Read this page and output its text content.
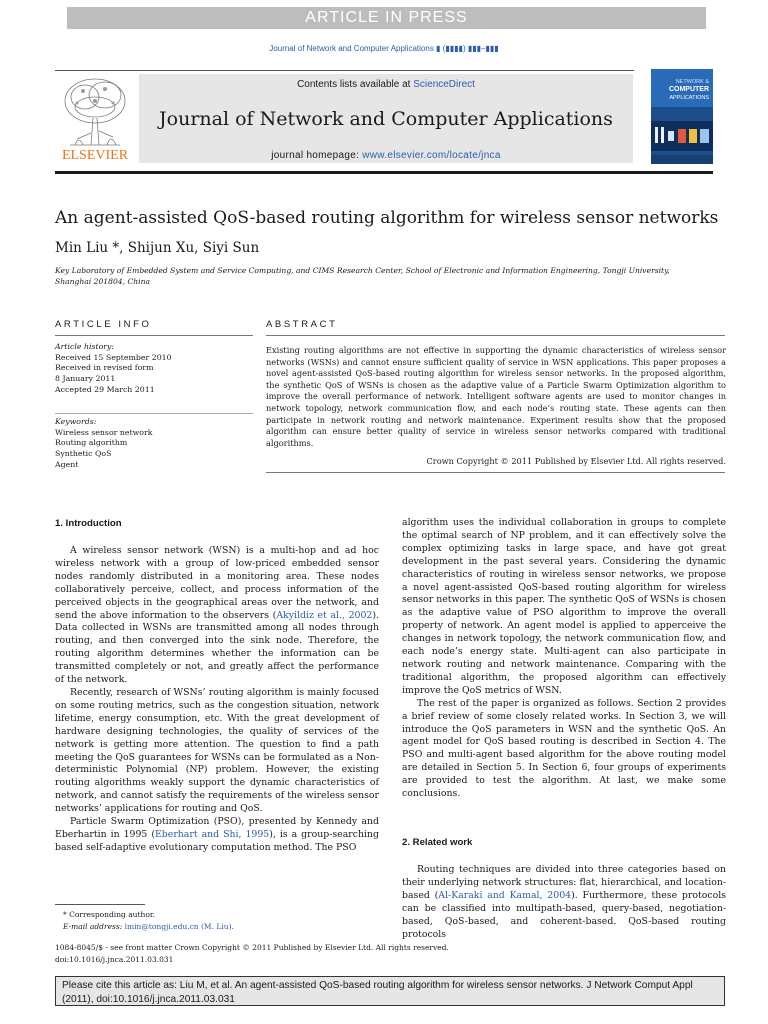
ARTICLE IN PRESS
Journal of Network and Computer Applications ▮ (▮▮▮▮) ▮▮▮–▮▮▮
ELSEVIER
Contents lists available at ScienceDirect
Journal of Network and Computer Applications
journal homepage: www.elsevier.com/locate/jnca
NETWORK &
COMPUTER
APPLICATIONS
An agent-assisted QoS-based routing algorithm for wireless sensor networks
Min Liu *, Shijun Xu, Siyi Sun
Key Laboratory of Embedded System and Service Computing, and CIMS Research Center, School of Electronic and Information Engineering, Tongji University,
Shanghai 201804, China
ARTICLE INFO	ABSTRACT
Article history:
Received 15 September 2010
Received in revised form
8 January 2011
Accepted 29 March 2011
Keywords:
Wireless sensor network
Routing algorithm
Synthetic QoS
Agent
Existing routing algorithms are not effective in supporting the dynamic characteristics of wireless sensor networks (WSNs) and cannot ensure sufficient quality of service in WSN applications. This paper proposes a novel agent-assisted QoS-based routing algorithm for wireless sensor networks. In the proposed algorithm, the synthetic QoS of WSNs is chosen as the adaptive value of a Particle Swarm Optimization algorithm to improve the overall performance of network. Intelligent software agents are used to monitor changes in network topology, network communication flow, and each node’s routing state. These agents can then participate in network routing and network maintenance. Experiment results show that the proposed algorithm can ensure better quality of service in wireless sensor networks compared with traditional algorithms.
Crown Copyright © 2011 Published by Elsevier Ltd. All rights reserved.
1. Introduction

A wireless sensor network (WSN) is a multi-hop and ad hoc wireless network with a group of low-priced embedded sensor nodes randomly distributed in a monitoring area. These nodes collaboratively perceive, collect, and process information of the perceived objects in the geographical areas over the network, and send the above information to the observers (Akyildiz et al., 2002). Data collected in WSNs are transmitted among all nodes through routing, and then converged into the sink node. Therefore, the routing algorithm determines whether the information can be transmitted completely or not, and greatly affect the performance of the network.

Recently, research of WSNs’ routing algorithm is mainly focused on some routing metrics, such as the congestion situation, network lifetime, energy consumption, etc. With the great development of hardware designing technologies, the quality of services of the network is getting more attention. The question to find a path meeting the QoS guarantees for WSNs can be formulated as a Non-deterministic Polynomial (NP) problem. However, the existing routing algorithms weakly support the dynamic characteristics of network, and cannot satisfy the requirements of the wireless sensor networks’ applications for routing and QoS.

Particle Swarm Optimization (PSO), presented by Kennedy and Eberhartin in 1995 (Eberhart and Shi, 1995), is a group-searching based self-adaptive evolutionary computation method. The PSO

algorithm uses the individual collaboration in groups to complete the optimal search of NP problem, and it can effectively solve the complex optimizing tasks in large space, and have got great development in the past several years. Considering the dynamic characteristics of routing in wireless sensor networks, we propose a novel agent-assisted QoS-based routing algorithm for wireless sensor networks in this paper. The synthetic QoS of WSNs is chosen as the adaptive value of PSO algorithm to improve the overall property of network. An agent model is applied to apperceive the changes in network topology, the network communication flow, and each node’s energy state. Multi-agent can also participate in network routing and network maintenance. Comparing with the traditional algorithm, the proposed algorithm can effectively improve the QoS metrics of WSN.

The rest of the paper is organized as follows. Section 2 provides a brief review of some closely related works. In Section 3, we will introduce the QoS parameters in WSN and the synthetic QoS. An agent model for QoS based routing is described in Section 4. The PSO and multi-agent based algorithm for the above routing model are detailed in Section 5. In Section 6, four groups of experiments are provided to test the algorithm. At last, we make some conclusions.

2. Related work

Routing techniques are divided into three categories based on their underlying network structures: flat, hierarchical, and location-based (Al-Karaki and Kamal, 2004). Furthermore, these protocols can be classified into multipath-based, query-based, negotiation-based, QoS-based, and coherent-based. QoS-based routing protocols

* Corresponding author.
E-mail address: lmin@tongji.edu.cn (M. Liu).
1084-8045/$ - see front matter Crown Copyright © 2011 Published by Elsevier Ltd. All rights reserved.
doi:10.1016/j.jnca.2011.03.031
Please cite this article as: Liu M, et al. An agent-assisted QoS-based routing algorithm for wireless sensor networks. J Network Comput Appl (2011), doi:10.1016/j.jnca.2011.03.031
